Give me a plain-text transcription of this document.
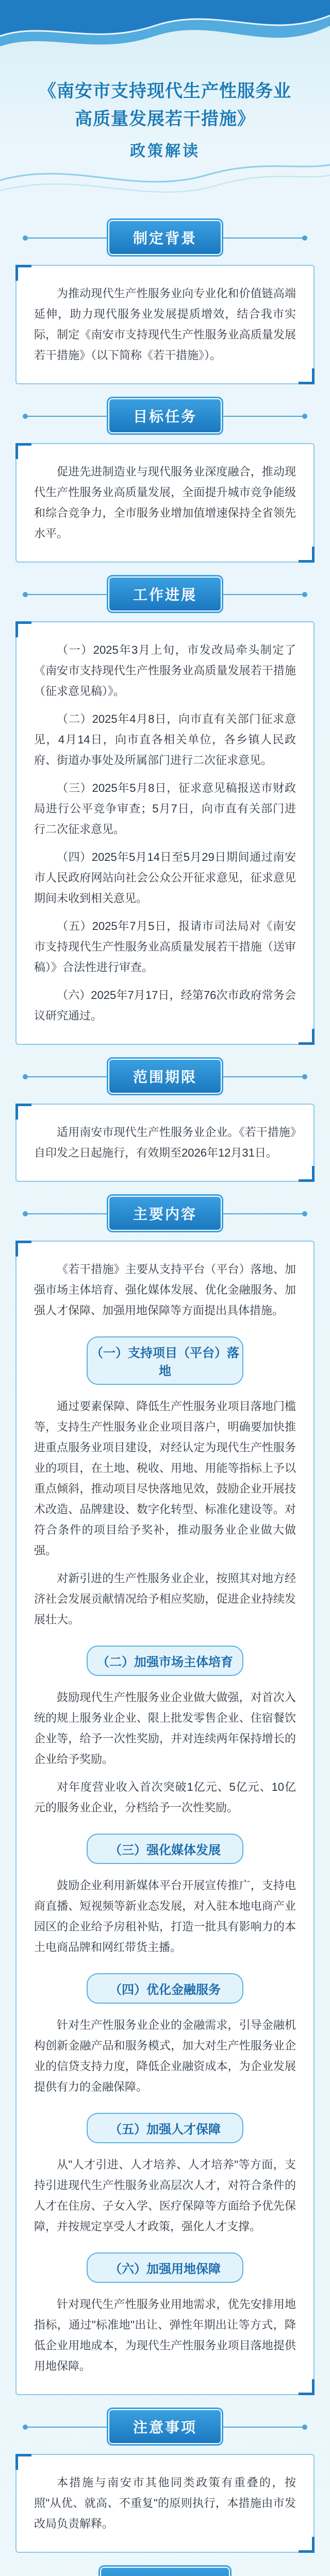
《南安市支持现代生产性服务业
高质量发展若干措施》
政策解读
制定背景

为推动现代生产性服务业向专业化和价值链高端延伸，助力现代服务业发展提质增效，结合我市实际，制定《南安市支持现代生产性服务业高质量发展若干措施》（以下简称《若干措施》）。

目标任务

促进先进制造业与现代服务业深度融合，推动现代生产性服务业高质量发展，全面提升城市竞争能级和综合竞争力，全市服务业增加值增速保持全省领先水平。

工作进展

（一）2025年3月上旬，市发改局牵头制定了《南安市支持现代生产性服务业高质量发展若干措施（征求意见稿）》。

（二）2025年4月8日，向市直有关部门征求意见，4月14日，向市直各相关单位，各乡镇人民政府、街道办事处及所属部门进行二次征求意见。

（三）2025年5月8日，征求意见稿报送市财政局进行公平竞争审查；5月7日，向市直有关部门进行二次征求意见。

（四）2025年5月14日至5月29日期间通过南安市人民政府网站向社会公众公开征求意见，征求意见期间未收到相关意见。

（五）2025年7月5日，报请市司法局对《南安市支持现代生产性服务业高质量发展若干措施（送审稿）》合法性进行审查。

（六）2025年7月17日，经第76次市政府常务会议研究通过。

范围期限

适用南安市现代生产性服务业企业。《若干措施》自印发之日起施行，有效期至2026年12月31日。

主要内容

《若干措施》主要从支持平台（平台）落地、加强市场主体培育、强化媒体发展、优化金融服务、加强人才保障、加强用地保障等方面提出具体措施。

（一）支持项目（平台）落地

通过要素保障、降低生产性服务业项目落地门槛等，支持生产性服务业企业项目落户，明确要加快推进重点服务业项目建设，对经认定为现代生产性服务业的项目，在土地、税收、用地、用能等指标上予以重点倾斜，推动项目尽快落地见效，鼓励企业开展技术改造、品牌建设、数字化转型、标准化建设等。对符合条件的项目给予奖补，推动服务业企业做大做强。

对新引进的生产性服务业企业，按照其对地方经济社会发展贡献情况给予相应奖励，促进企业持续发展壮大。

（二）加强市场主体培育

鼓励现代生产性服务业企业做大做强，对首次入统的规上服务业企业、限上批发零售企业、住宿餐饮企业等，给予一次性奖励，并对连续两年保持增长的企业给予奖励。

对年度营业收入首次突破1亿元、5亿元、10亿元的服务业企业，分档给予一次性奖励。

（三）强化媒体发展

鼓励企业利用新媒体平台开展宣传推广，支持电商直播、短视频等新业态发展，对入驻本地电商产业园区的企业给予房租补贴，打造一批具有影响力的本土电商品牌和网红带货主播。

（四）优化金融服务

针对生产性服务业企业的金融需求，引导金融机构创新金融产品和服务模式，加大对生产性服务业企业的信贷支持力度，降低企业融资成本，为企业发展提供有力的金融保障。

（五）加强人才保障

从"人才引进、人才培养、人才培养"等方面，支持引进现代生产性服务业高层次人才，对符合条件的人才在住房、子女入学、医疗保障等方面给予优先保障，并按规定享受人才政策，强化人才支撑。

（六）加强用地保障

针对现代生产性服务业用地需求，优先安排用地指标，通过"标准地"出让、弹性年期出让等方式，降低企业用地成本，为现代生产性服务业项目落地提供用地保障。

注意事项

本措施与南安市其他同类政策有重叠的，按照"从优、就高、不重复"的原则执行，本措施由市发改局负责解释。
